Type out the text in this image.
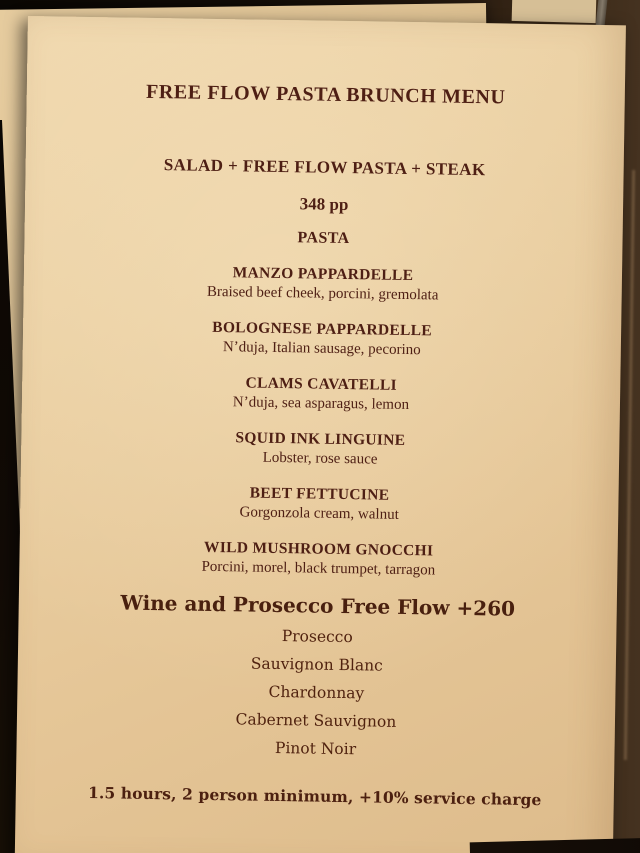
FREE FLOW PASTA BRUNCH MENU
SALAD + FREE FLOW PASTA + STEAK
348 pp
PASTA
MANZO PAPPARDELLE
Braised beef cheek, porcini, gremolata
BOLOGNESE PAPPARDELLE
N’duja, Italian sausage, pecorino
CLAMS CAVATELLI
N’duja, sea asparagus, lemon
SQUID INK LINGUINE
Lobster, rose sauce
BEET FETTUCINE
Gorgonzola cream, walnut
WILD MUSHROOM GNOCCHI
Porcini, morel, black trumpet, tarragon
Wine and Prosecco Free Flow +260
Prosecco
Sauvignon Blanc
Chardonnay
Cabernet Sauvignon
Pinot Noir
1.5 hours, 2 person minimum, +10% service charge
